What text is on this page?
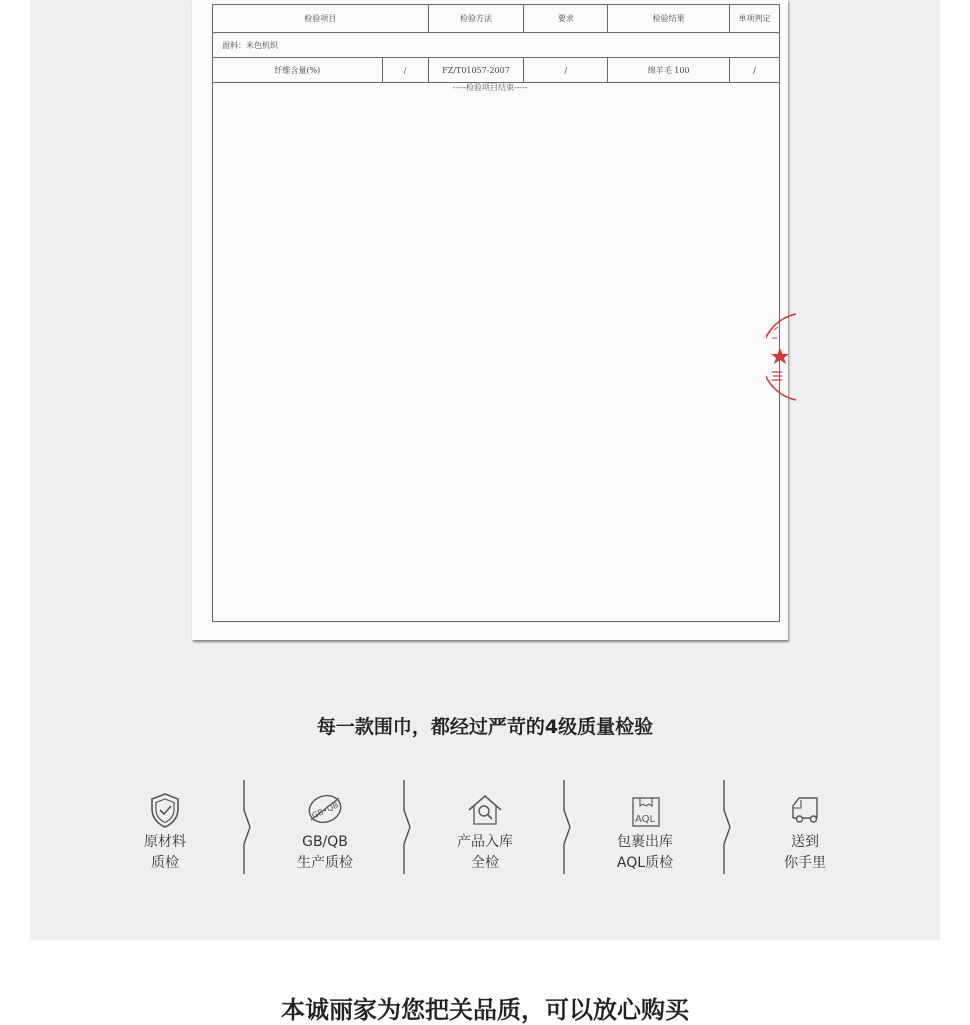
检验项目		检验方法	要求	检验结果	单项判定
面料：米色机织					
纤维含量(%)	/	FZ/T01057-2007	/	绵羊毛 100	/
-----检验项目结束-----
每一款围巾，都经过严苛的4级质量检验
原材料
质检
GB•QB
GB/QB
生产质检
产品入库
全检
AQL
包裹出库
AQL质检
送到
你手里
本诚丽家为您把关品质，可以放心购买
